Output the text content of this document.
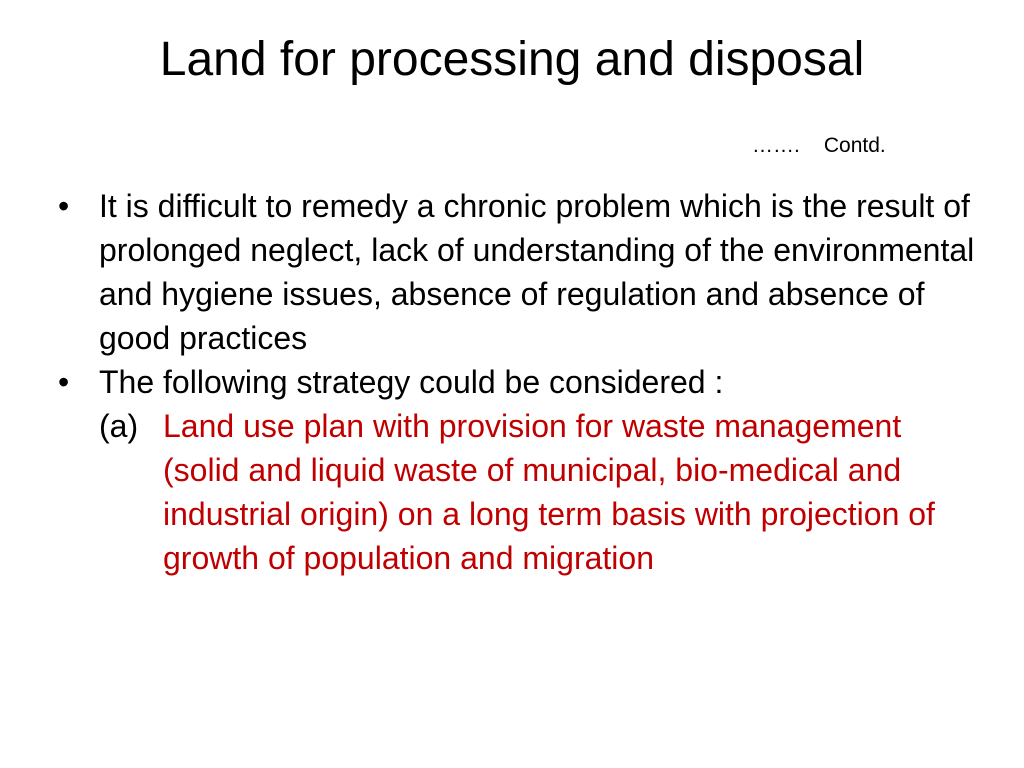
Land for processing and disposal
……. Contd.
• It is difficult to remedy a chronic problem which is the result of prolonged neglect, lack of understanding of the environmental and hygiene issues, absence of regulation and absence of good practices
• The following strategy could be considered :
(a) Land use plan with provision for waste management (solid and liquid waste of municipal, bio-medical and industrial origin) on a long term basis with projection of growth of population and migration
